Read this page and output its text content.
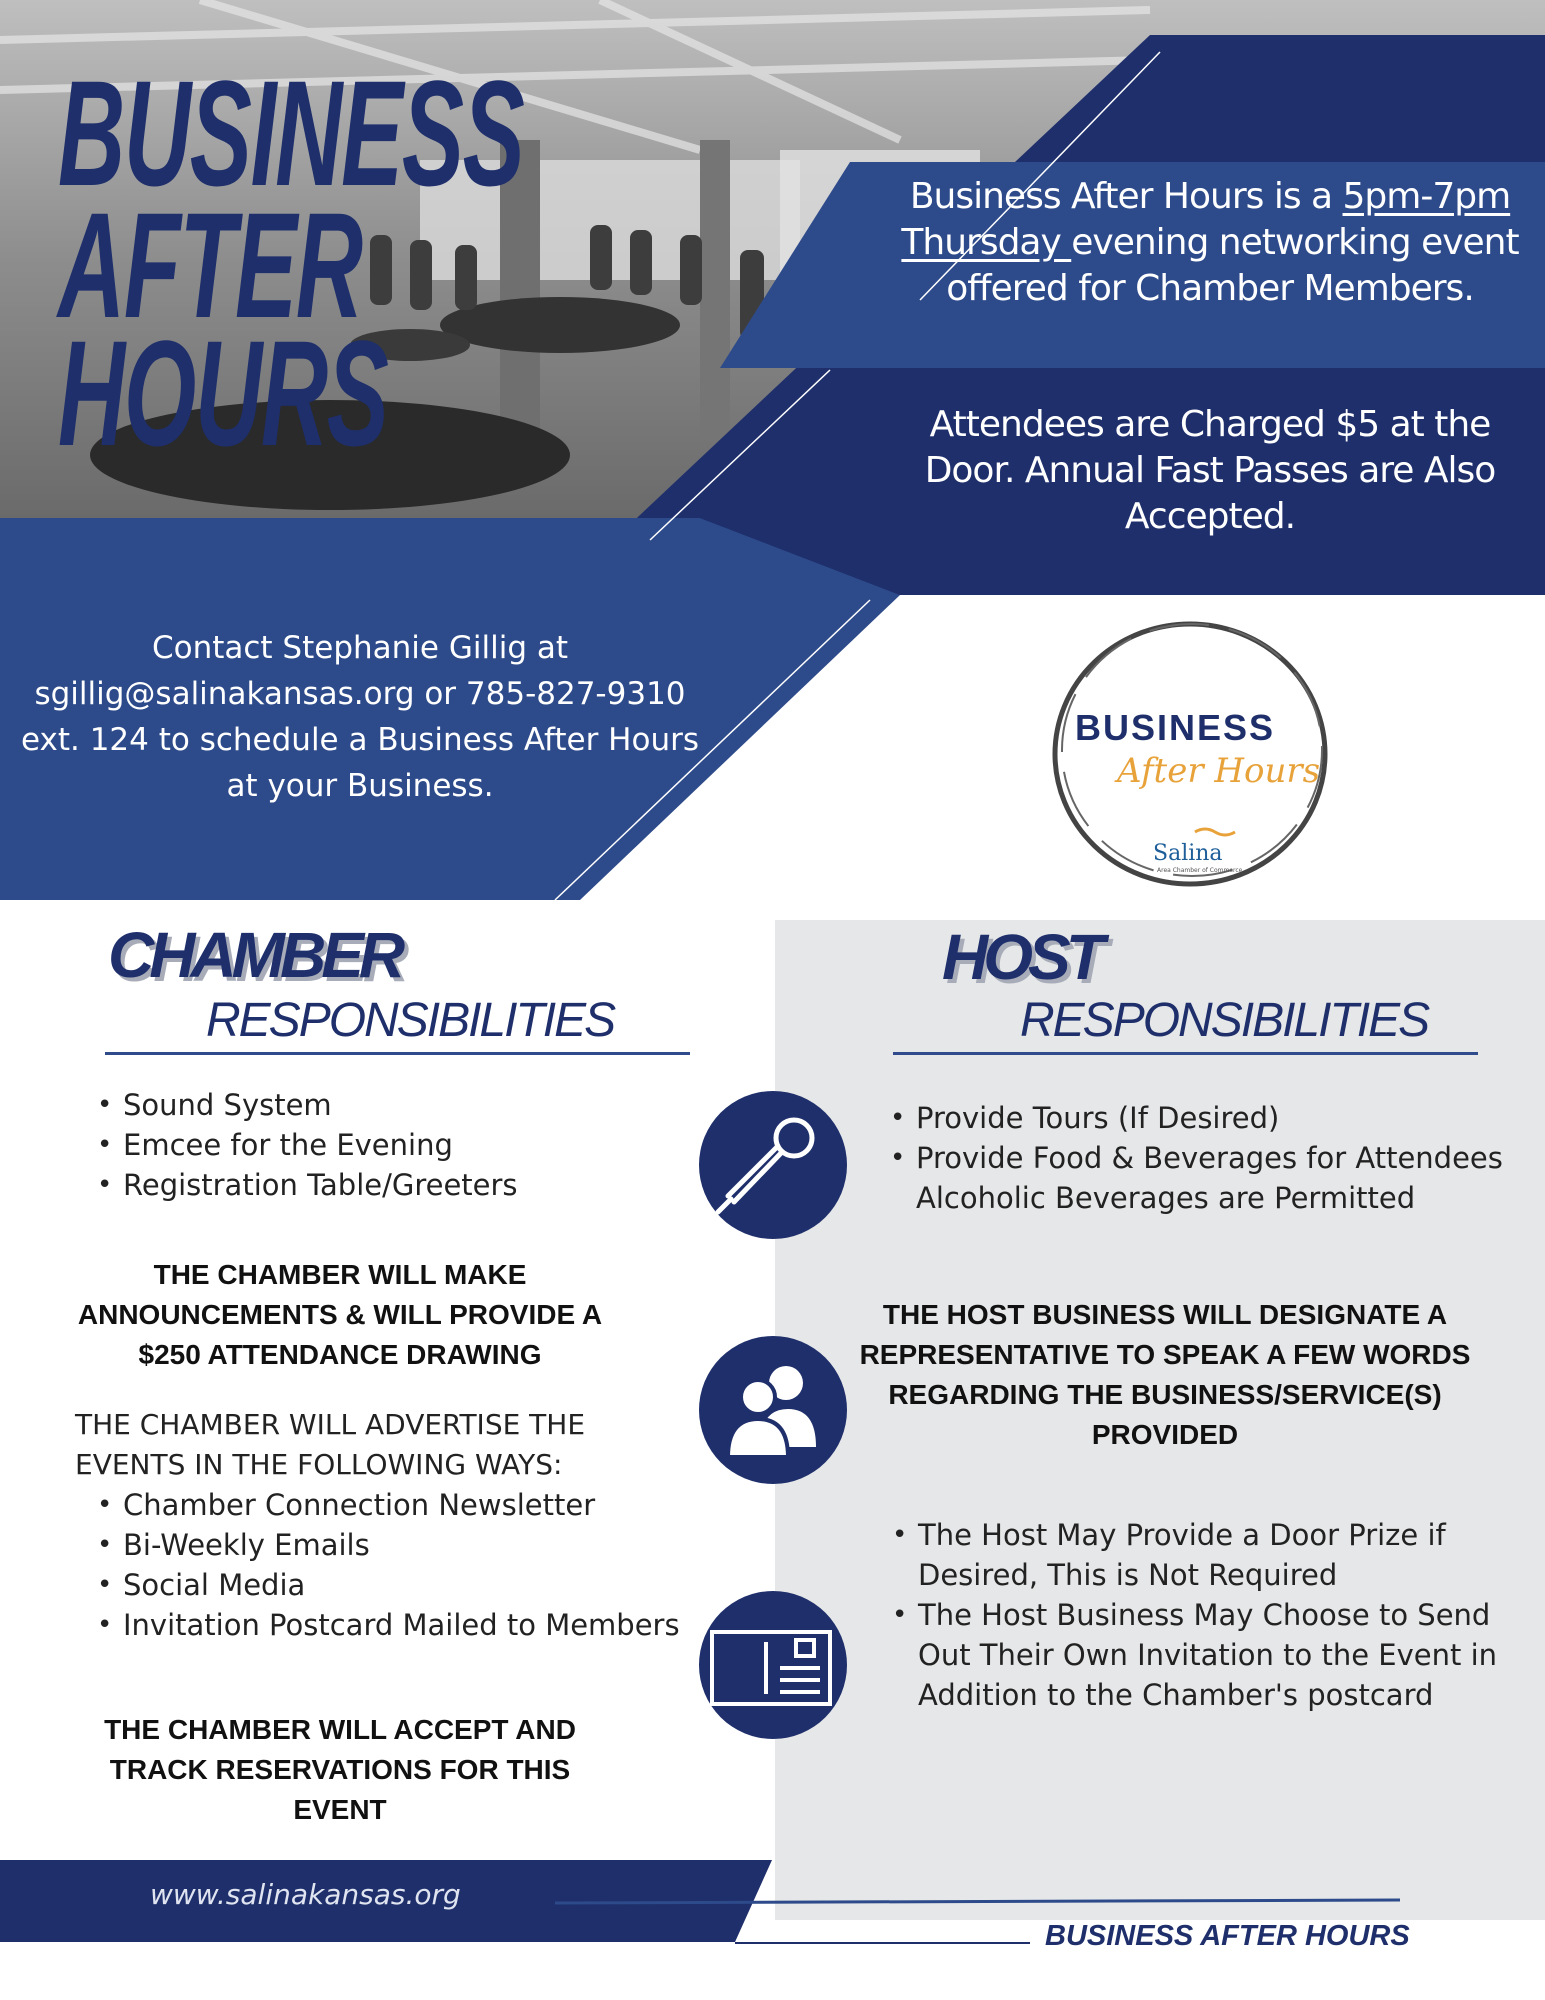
BUSINESS
AFTER
HOURS
Business After Hours is a 5pm-7pm
Thursday evening networking event offered for Chamber Members.
Attendees are Charged $5 at the Door. Annual Fast Passes are Also Accepted.
Contact Stephanie Gillig at sgillig@salinakansas.org or 785-827-9310 ext. 124 to schedule a Business After Hours at your Business.
BUSINESS
After Hours
Salina
Area Chamber of Commerce
CHAMBER
RESPONSIBILITIES
• Sound System
• Emcee for the Evening
• Registration Table/Greeters
THE CHAMBER WILL MAKE ANNOUNCEMENTS & WILL PROVIDE A $250 ATTENDANCE DRAWING
THE CHAMBER WILL ADVERTISE THE EVENTS IN THE FOLLOWING WAYS:
• Chamber Connection Newsletter
• Bi-Weekly Emails
• Social Media
• Invitation Postcard Mailed to Members
THE CHAMBER WILL ACCEPT AND TRACK RESERVATIONS FOR THIS EVENT
HOST
RESPONSIBILITIES
• Provide Tours (If Desired)
• Provide Food & Beverages for Attendees Alcoholic Beverages are Permitted
THE HOST BUSINESS WILL DESIGNATE A REPRESENTATIVE TO SPEAK A FEW WORDS REGARDING THE BUSINESS/SERVICE(S) PROVIDED
• The Host May Provide a Door Prize if Desired, This is Not Required
• The Host Business May Choose to Send Out Their Own Invitation to the Event in Addition to the Chamber's postcard
www.salinakansas.org
BUSINESS AFTER HOURS
